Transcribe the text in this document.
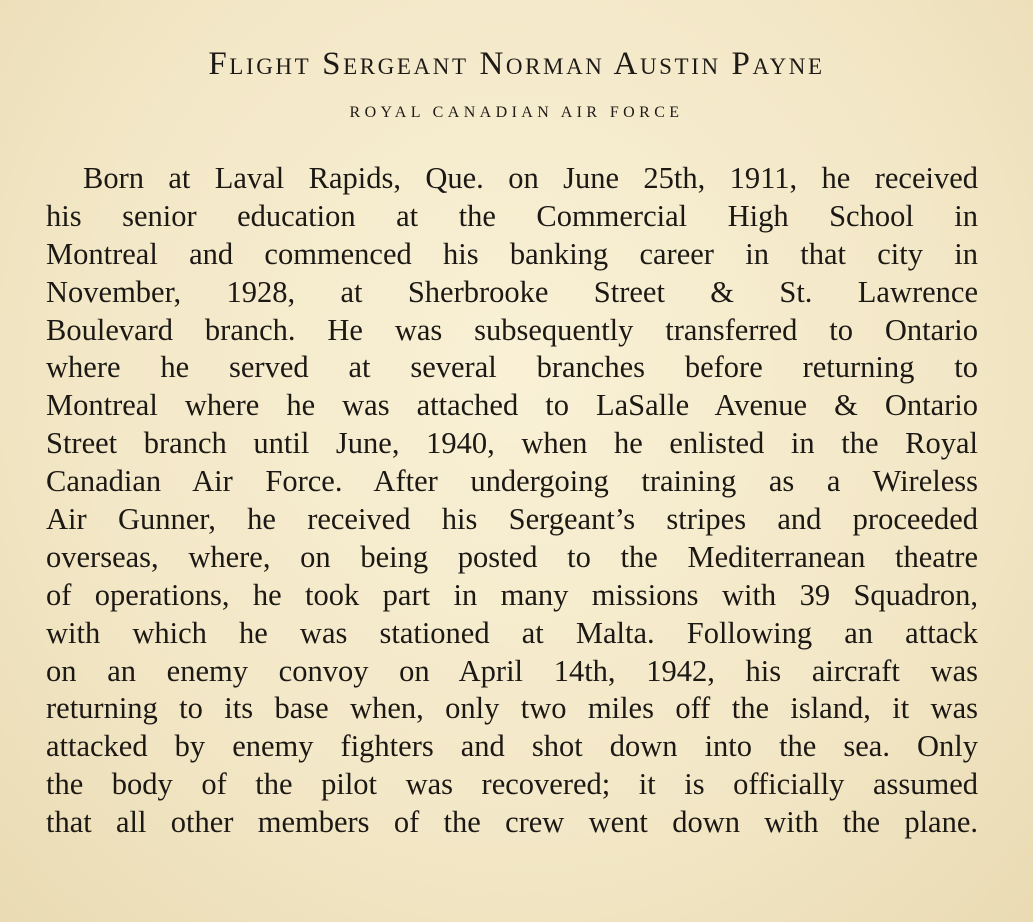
Flight Sergeant Norman Austin Payne
ROYAL CANADIAN AIR FORCE
Born at Laval Rapids, Que. on June 25th, 1911, he received
his senior education at the Commercial High School in
Montreal and commenced his banking career in that city in
November, 1928, at Sherbrooke Street & St. Lawrence
Boulevard branch. He was subsequently transferred to Ontario
where he served at several branches before returning to
Montreal where he was attached to LaSalle Avenue & Ontario
Street branch until June, 1940, when he enlisted in the Royal
Canadian Air Force. After undergoing training as a Wireless
Air Gunner, he received his Sergeant’s stripes and proceeded
overseas, where, on being posted to the Mediterranean theatre
of operations, he took part in many missions with 39 Squadron,
with which he was stationed at Malta. Following an attack
on an enemy convoy on April 14th, 1942, his aircraft was
returning to its base when, only two miles off the island, it was
attacked by enemy fighters and shot down into the sea. Only
the body of the pilot was recovered; it is officially assumed
that all other members of the crew went down with the plane.
